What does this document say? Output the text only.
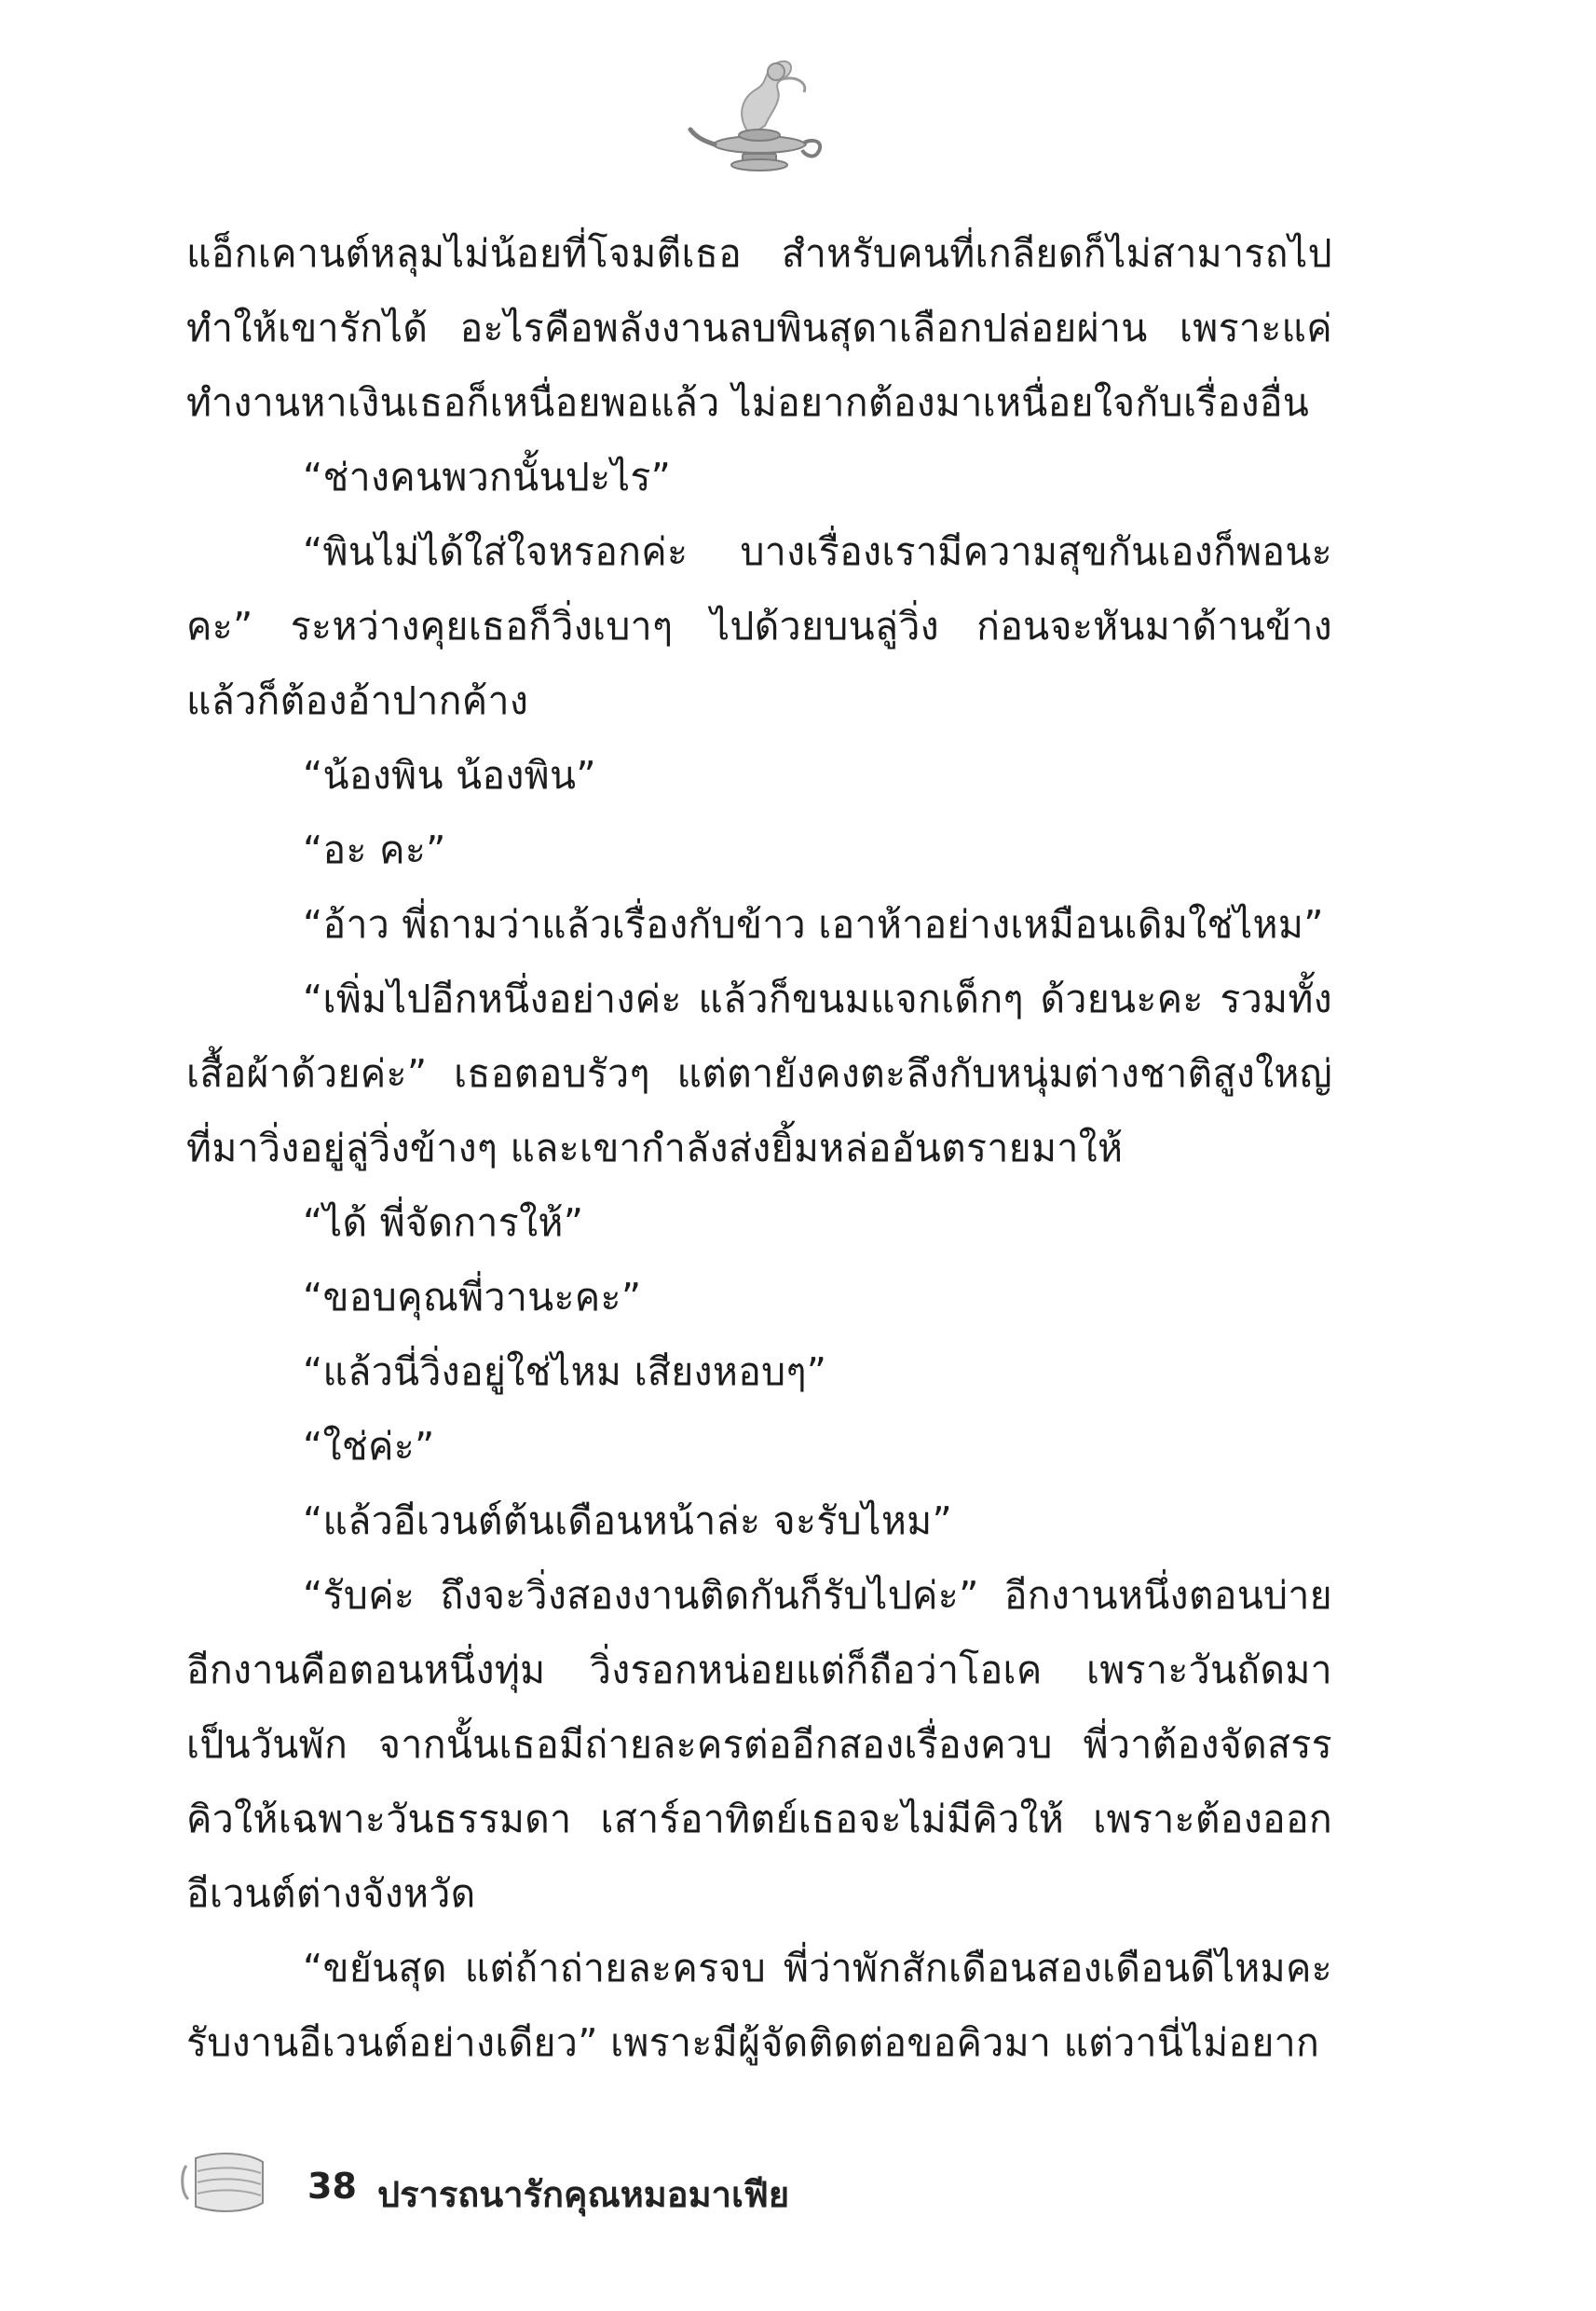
แอ็กเคานต์หลุมไม่น้อยที่โจมตีเธอ สำหรับคนที่เกลียดก็ไม่สามารถไปทำให้เขารักได้ อะไรคือพลังงานลบพินสุดาเลือกปล่อยผ่าน เพราะแค่ทำงานหาเงินเธอก็เหนื่อยพอแล้ว ไม่อยากต้องมาเหนื่อยใจกับเรื่องอื่น

“ช่างคนพวกนั้นปะไร”

“พินไม่ได้ใส่ใจหรอกค่ะ บางเรื่องเรามีความสุขกันเองก็พอนะคะ” ระหว่างคุยเธอก็วิ่งเบาๆ ไปด้วยบนลู่วิ่ง ก่อนจะหันมาด้านข้าง แล้วก็ต้องอ้าปากค้าง

“น้องพิน น้องพิน”

“อะ คะ”

“อ้าว พี่ถามว่าแล้วเรื่องกับข้าว เอาห้าอย่างเหมือนเดิมใช่ไหม”

“เพิ่มไปอีกหนึ่งอย่างค่ะ แล้วก็ขนมแจกเด็กๆ ด้วยนะคะ รวมทั้งเสื้อผ้าด้วยค่ะ” เธอตอบรัวๆ แต่ตายังคงตะลึงกับหนุ่มต่างชาติสูงใหญ่ที่มาวิ่งอยู่ลู่วิ่งข้างๆ และเขากำลังส่งยิ้มหล่ออันตรายมาให้

“ได้ พี่จัดการให้”

“ขอบคุณพี่วานะคะ”

“แล้วนี่วิ่งอยู่ใช่ไหม เสียงหอบๆ”

“ใช่ค่ะ”

“แล้วอีเวนต์ต้นเดือนหน้าล่ะ จะรับไหม”

“รับค่ะ ถึงจะวิ่งสองงานติดกันก็รับไปค่ะ” อีกงานหนึ่งตอนบ่ายอีกงานคือตอนหนึ่งทุ่ม วิ่งรอกหน่อยแต่ก็ถือว่าโอเค เพราะวันถัดมาเป็นวันพัก จากนั้นเธอมีถ่ายละครต่ออีกสองเรื่องควบ พี่วาต้องจัดสรรคิวให้เฉพาะวันธรรมดา เสาร์อาทิตย์เธอจะไม่มีคิวให้ เพราะต้องออกอีเวนต์ต่างจังหวัด

“ขยันสุด แต่ถ้าถ่ายละครจบ พี่ว่าพักสักเดือนสองเดือนดีไหมคะ รับงานอีเวนต์อย่างเดียว” เพราะมีผู้จัดติดต่อขอคิวมา แต่วานี่ไม่อยาก

38 ปรารถนารักคุณหมอมาเฟีย
